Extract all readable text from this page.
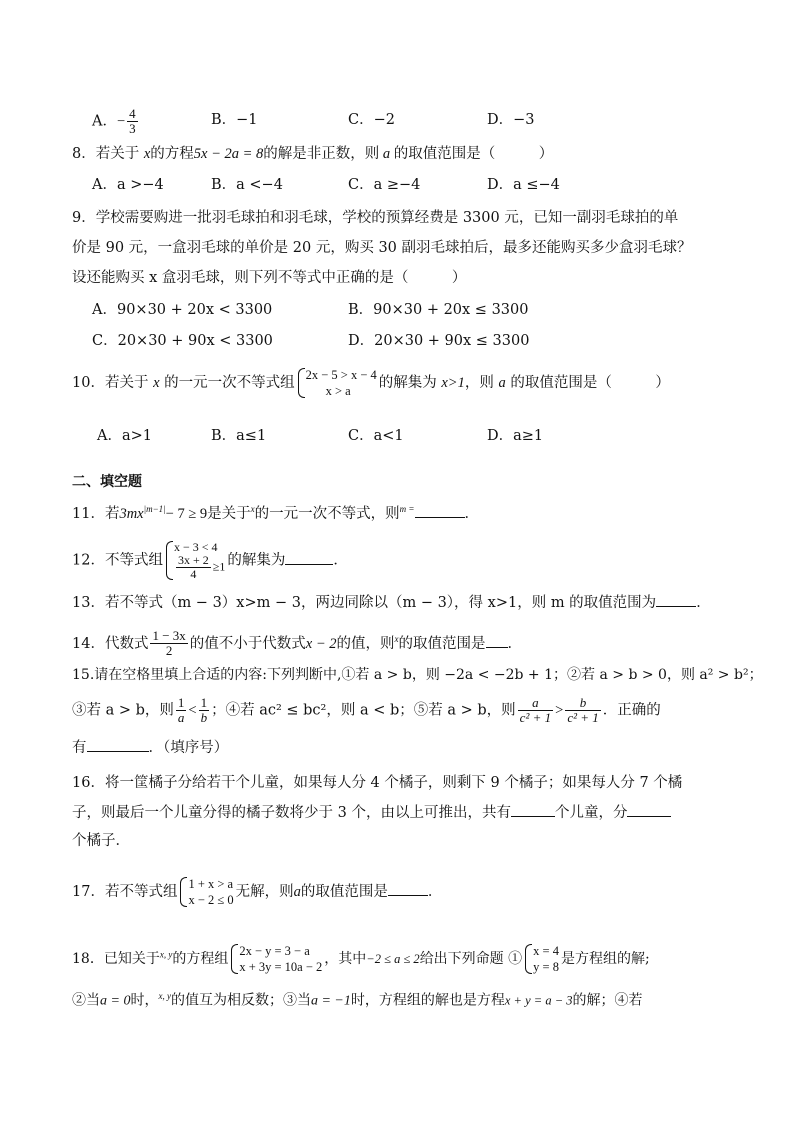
A．− $\frac{4}{3}$	B．−1	C．−2	D．−3
8．若关于 x的方程5x − 2a = 8的解是非正数，则 a 的取值范围是（　　　）
A．a >−4	B．a <−4	C．a ≥−4	D．a ≤−4
9．学校需要购进一批羽毛球拍和羽毛球，学校的预算经费是 3300 元，已知一副羽毛球拍的单
价是 90 元，一盒羽毛球的单价是 20 元，购买 30 副羽毛球拍后，最多还能购买多少盒羽毛球？
设还能购买 x 盒羽毛球，则下列不等式中正确的是（　　　）
A．90×30 + 20x < 3300	B．90×30 + 20x ≤ 3300
C．20×30 + 90x < 3300	D．20×30 + 90x ≤ 3300
10．若关于 x 的一元一次不等式组 2x − 5 > x − 4
x > a	的解集为 x>1，则 a 的取值范围是（　　　）
A．a>1	B．a≤1	C．a<1	D．a≥1
二、填空题
11．若$3mx^{|m-1|}- 7 \ge 9$是关于$^x$的一元一次不等式，则$^{m =}$	．
12．不等式组
x − 3 < 4
$\frac{3x + 2}{4} \ge 1$ 的解集为	．
13．若不等式（m − 3）x>m − 3，两边同除以（m − 3），得 x>1，则 m 的取值范围为	．
14．代数式 $\frac{1 - 3x}{2}$ 的值不小于代数式x − 2的值，则$^x$的取值范围是 ．
15.请在空格里填上合适的内容:下列判断中,①若 a > b，则 −2a < −2b + 1；②若 a > b > 0，则 a² > b²；
③若 a > b，则 $\frac{1}{a} < \frac{1}{b}$ ；④若 ac² ≤ bc²，则 a < b；⑤若 a > b，则 $\frac{a}{\text{c² + 1}} > \frac{b}{\text{c² + 1}}$ ．正确的
有	．（填序号）
16．将一筐橘子分给若干个儿童，如果每人分 4 个橘子，则剩下 9 个橘子；如果每人分 7 个橘
子，则最后一个儿童分得的橘子数将少于 3 个，由以上可推出，共有	个儿童，分
个橘子．
17．若不等式组 1 + x > a
x − 2 ≤ 0 无解，则a的取值范围是	．
18．已知关于$^{x, y}$的方程组 2x − y = 3 − a
x + 3y = 10a − 2 ，其中−2 ≤ a ≤ 2给出下列命题 ① x = 4
y = 8 是方程组的解;
②当a = 0时，$^{x, y}$的值互为相反数；③当a = −1时，方程组的解也是方程x + y = a − 3的解；④若
